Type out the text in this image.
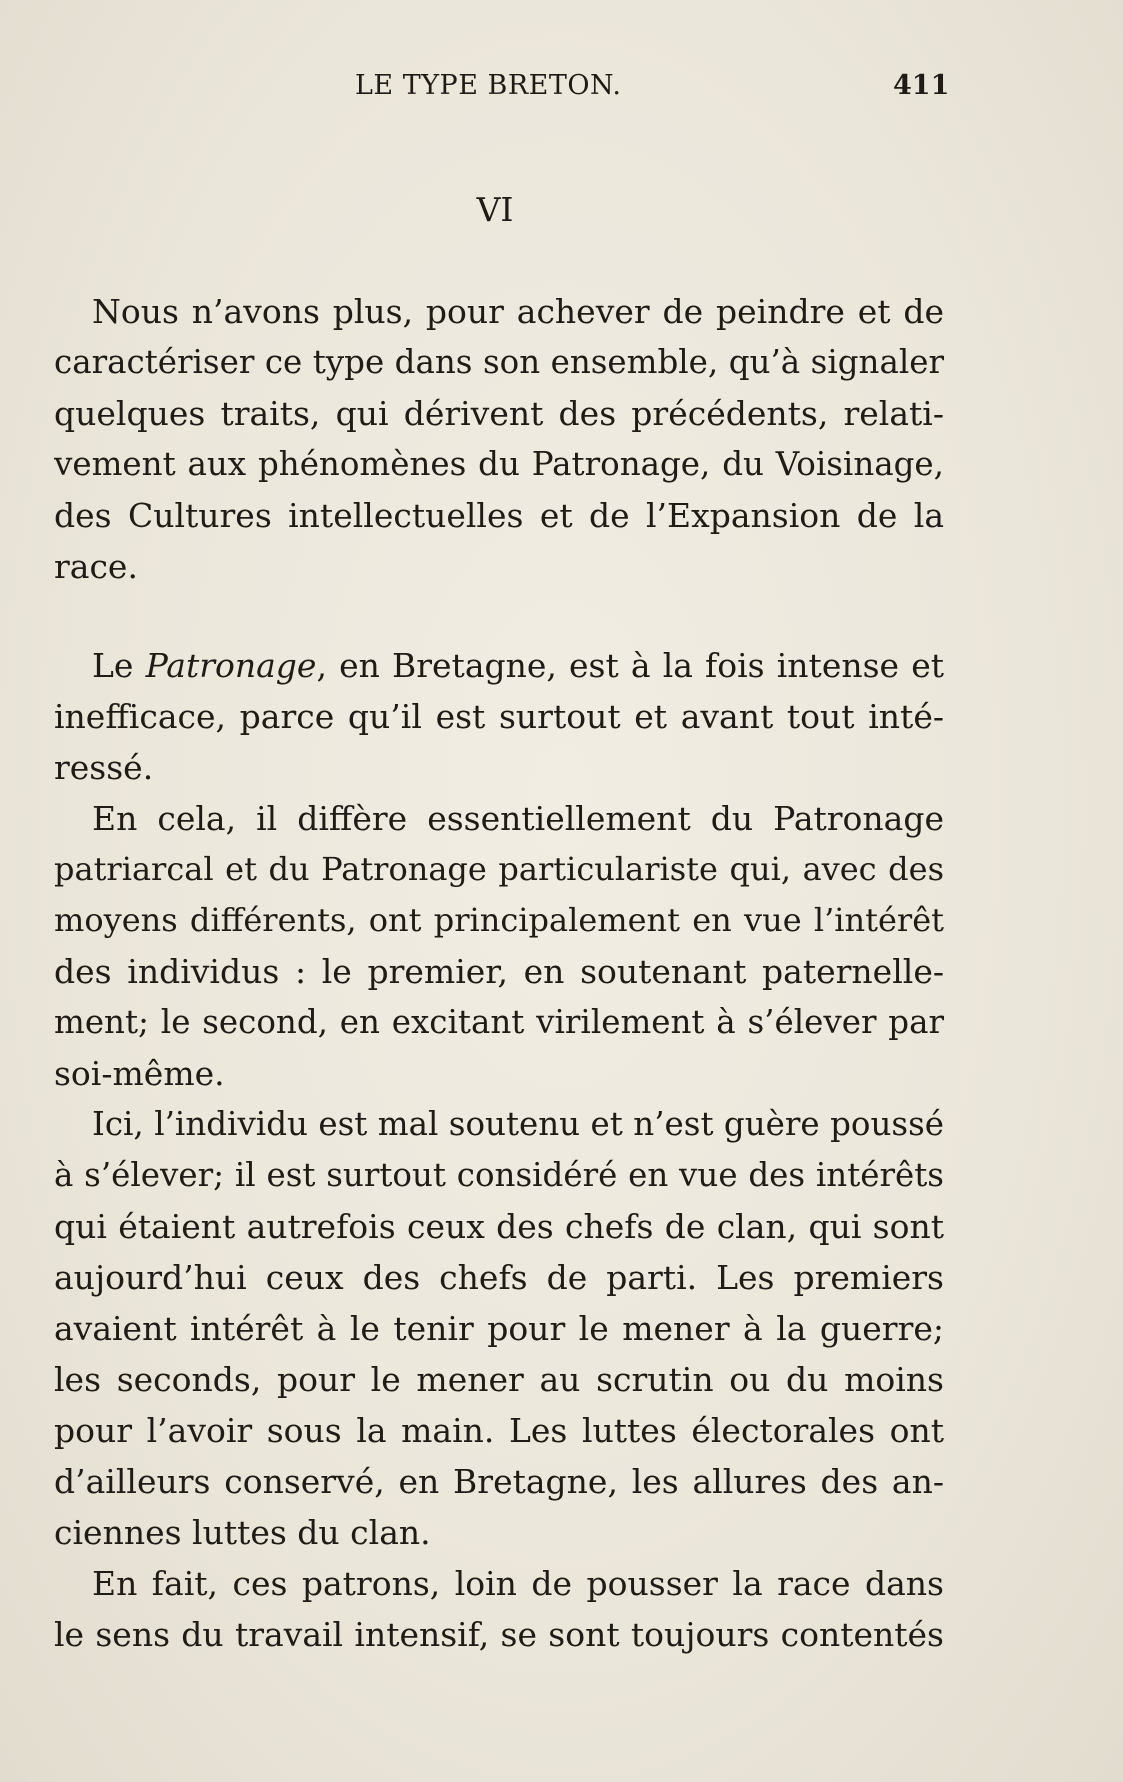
LE TYPE BRETON.	411
VI
Nous n’avons plus, pour achever de peindre et de
caractériser ce type dans son ensemble, qu’à signaler
quelques traits, qui dérivent des précédents, relati-
vement aux phénomènes du Patronage, du Voisinage,
des Cultures intellectuelles et de l’Expansion de la
race.
Le Patronage, en Bretagne, est à la fois intense et
inefficace, parce qu’il est surtout et avant tout inté-
ressé.
En cela, il diffère essentiellement du Patronage
patriarcal et du Patronage particulariste qui, avec des
moyens différents, ont principalement en vue l’intérêt
des individus : le premier, en soutenant paternelle-
ment; le second, en excitant virilement à s’élever par
soi-même.
Ici, l’individu est mal soutenu et n’est guère poussé
à s’élever; il est surtout considéré en vue des intérêts
qui étaient autrefois ceux des chefs de clan, qui sont
aujourd’hui ceux des chefs de parti. Les premiers
avaient intérêt à le tenir pour le mener à la guerre;
les seconds, pour le mener au scrutin ou du moins
pour l’avoir sous la main. Les luttes électorales ont
d’ailleurs conservé, en Bretagne, les allures des an-
ciennes luttes du clan.
En fait, ces patrons, loin de pousser la race dans
le sens du travail intensif, se sont toujours contentés
